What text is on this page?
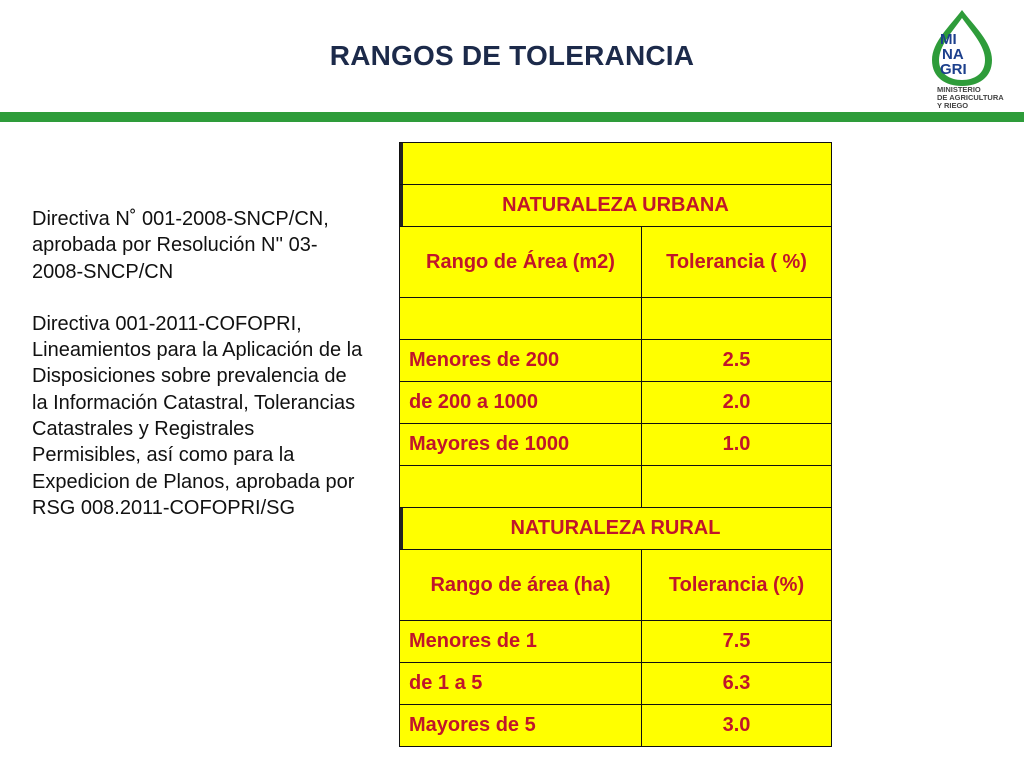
RANGOS DE TOLERANCIA
MI
NA
GRI
MINISTERIO
DE AGRICULTURA
Y RIEGO

Directiva N˚ 001-2008-SNCP/CN, aprobada por Resolución N'' 03-2008-SNCP/CN

Directiva 001-2011-COFOPRI, Lineamientos para la Aplicación de la Disposiciones sobre prevalencia de la Información Catastral, Tolerancias Catastrales y Registrales Permisibles, así como para la Expedicion de Planos, aprobada por RSG 008.2011-COFOPRI/SG

NATURALEZA URBANA	
Rango de Área (m2)	Tolerancia ( %)

Menores de 200	2.5
de 200 a 1000	2.0
Mayores de 1000	1.0

NATURALEZA RURAL	
Rango de área (ha)	Tolerancia (%)
Menores de 1	7.5
de 1 a 5	6.3
Mayores de 5	3.0
